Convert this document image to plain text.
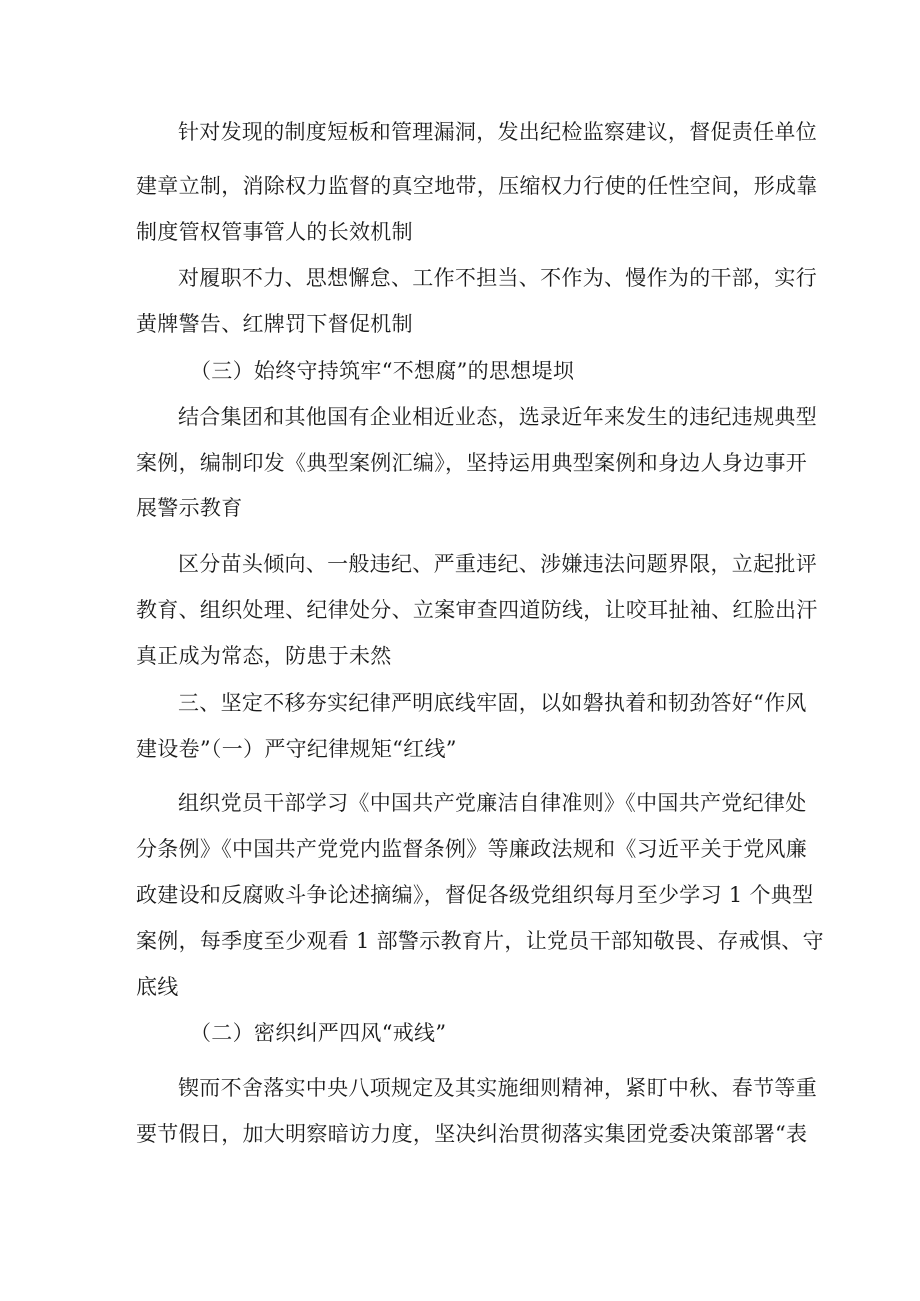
针对发现的制度短板和管理漏洞，发出纪检监察建议，督促责任单位
建章立制，消除权力监督的真空地带，压缩权力行使的任性空间，形成靠
制度管权管事管人的长效机制
对履职不力、思想懈怠、工作不担当、不作为、慢作为的干部，实行
黄牌警告、红牌罚下督促机制
（三）始终守持筑牢“不想腐”的思想堤坝
结合集团和其他国有企业相近业态，选录近年来发生的违纪违规典型
案例，编制印发《典型案例汇编》，坚持运用典型案例和身边人身边事开
展警示教育
区分苗头倾向、一般违纪、严重违纪、涉嫌违法问题界限，立起批评
教育、组织处理、纪律处分、立案审查四道防线，让咬耳扯袖、红脸出汗
真正成为常态，防患于未然
三、坚定不移夯实纪律严明底线牢固，以如磐执着和韧劲答好“作风
建设卷”（一）严守纪律规矩“红线”
组织党员干部学习《中国共产党廉洁自律准则》《中国共产党纪律处
分条例》《中国共产党党内监督条例》等廉政法规和《习近平关于党风廉
政建设和反腐败斗争论述摘编》，督促各级党组织每月至少学习 1 个典型
案例，每季度至少观看 1 部警示教育片，让党员干部知敬畏、存戒惧、守
底线
（二）密织纠严四风“戒线”
锲而不舍落实中央八项规定及其实施细则精神，紧盯中秋、春节等重
要节假日，加大明察暗访力度，坚决纠治贯彻落实集团党委决策部署“表
